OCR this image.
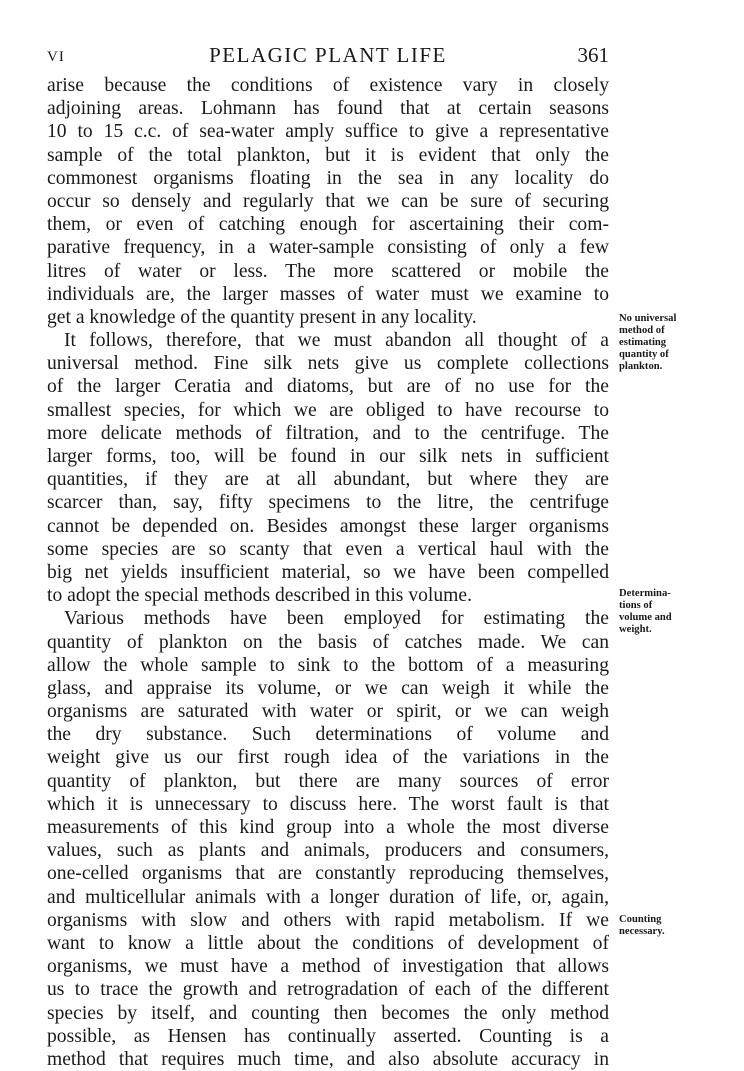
VI	PELAGIC PLANT LIFE	361
arise because the conditions of existence vary in closely
adjoining areas. Lohmann has found that at certain seasons
10 to 15 c.c. of sea-water amply suffice to give a representative
sample of the total plankton, but it is evident that only the
commonest organisms floating in the sea in any locality do
occur so densely and regularly that we can be sure of securing
them, or even of catching enough for ascertaining their com-
parative frequency, in a water-sample consisting of only a few
litres of water or less. The more scattered or mobile the
individuals are, the larger masses of water must we examine to
get a knowledge of the quantity present in any locality.
It follows, therefore, that we must abandon all thought of a
universal method. Fine silk nets give us complete collections
of the larger Ceratia and diatoms, but are of no use for the
smallest species, for which we are obliged to have recourse to
more delicate methods of filtration, and to the centrifuge. The
larger forms, too, will be found in our silk nets in sufficient
quantities, if they are at all abundant, but where they are
scarcer than, say, fifty specimens to the litre, the centrifuge
cannot be depended on. Besides amongst these larger organisms
some species are so scanty that even a vertical haul with the
big net yields insufficient material, so we have been compelled
to adopt the special methods described in this volume.
Various methods have been employed for estimating the
quantity of plankton on the basis of catches made. We can
allow the whole sample to sink to the bottom of a measuring
glass, and appraise its volume, or we can weigh it while the
organisms are saturated with water or spirit, or we can weigh
the dry substance. Such determinations of volume and
weight give us our first rough idea of the variations in the
quantity of plankton, but there are many sources of error
which it is unnecessary to discuss here. The worst fault is that
measurements of this kind group into a whole the most diverse
values, such as plants and animals, producers and consumers,
one-celled organisms that are constantly reproducing themselves,
and multicellular animals with a longer duration of life, or, again,
organisms with slow and others with rapid metabolism. If we
want to know a little about the conditions of development of
organisms, we must have a method of investigation that allows
us to trace the growth and retrogradation of each of the different
species by itself, and counting then becomes the only method
possible, as Hensen has continually asserted. Counting is a
method that requires much time, and also absolute accuracy in
No universal
method of
estimating
quantity of
plankton.
Determina-
tions of
volume and
weight.
Counting
necessary.
